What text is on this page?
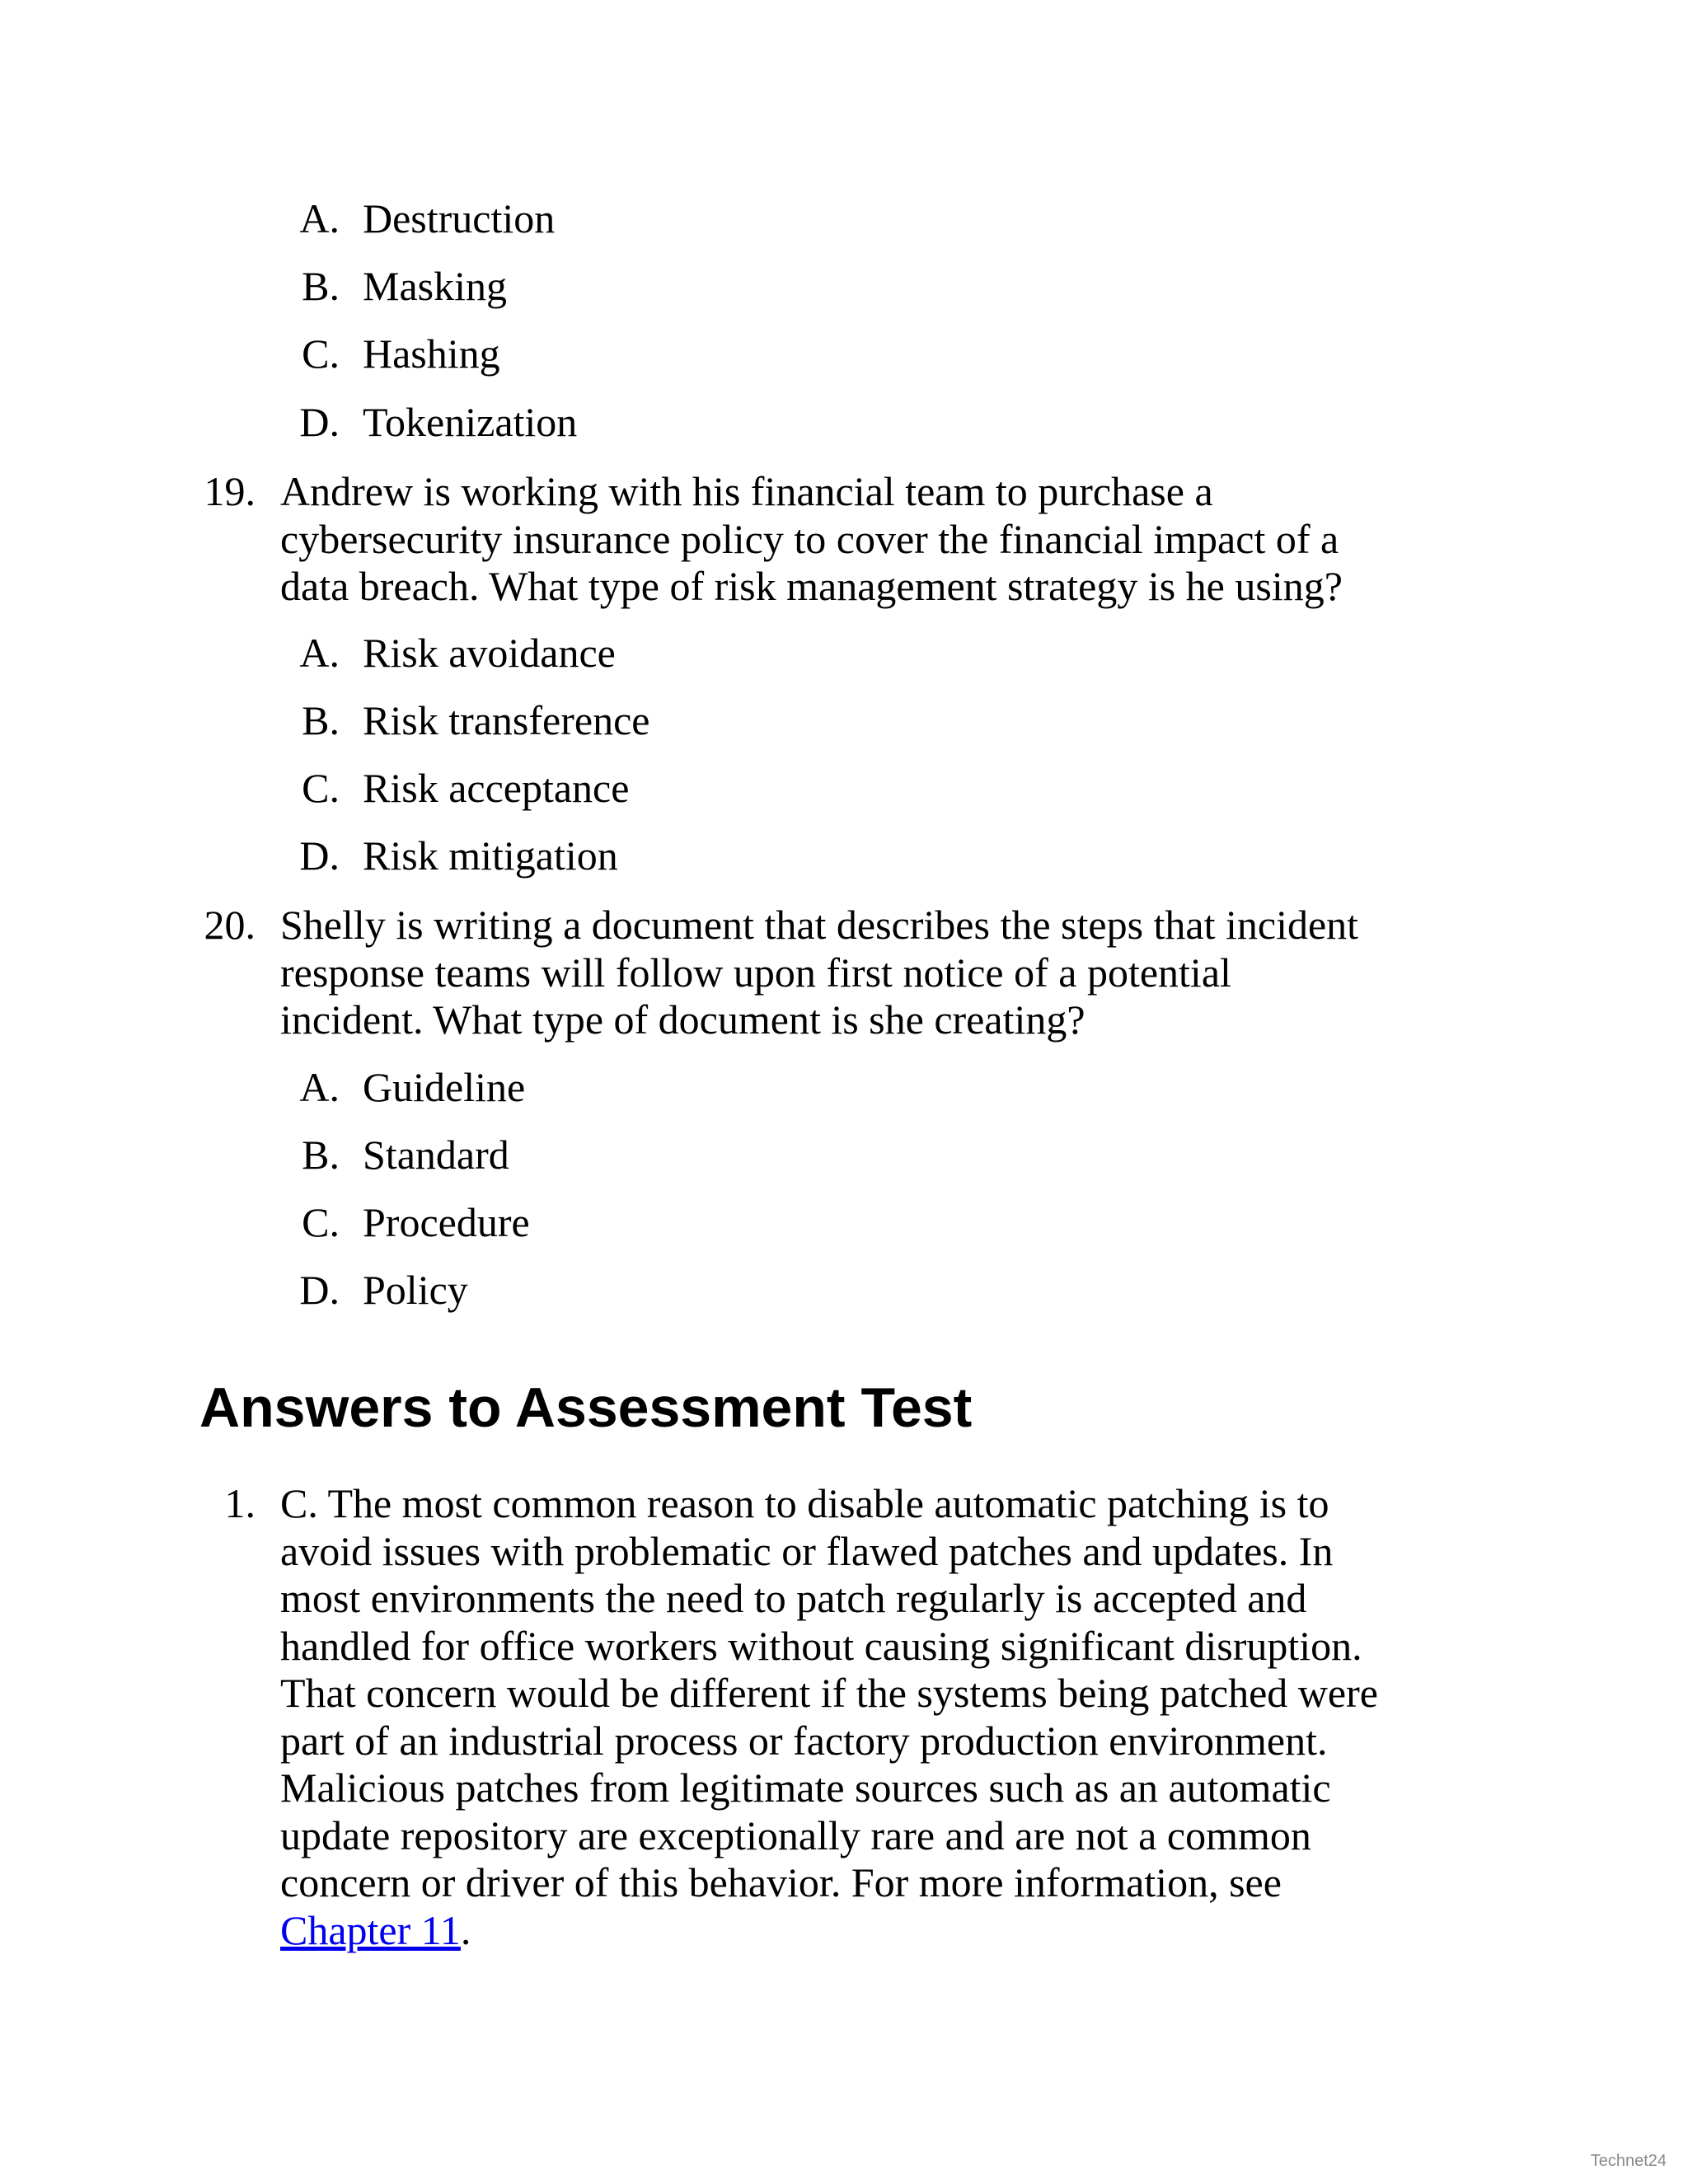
A. Destruction
B. Masking
C. Hashing
D. Tokenization
19. Andrew is working with his financial team to purchase a
cybersecurity insurance policy to cover the financial impact of a
data breach. What type of risk management strategy is he using?
A. Risk avoidance
B. Risk transference
C. Risk acceptance
D. Risk mitigation
20. Shelly is writing a document that describes the steps that incident
response teams will follow upon first notice of a potential
incident. What type of document is she creating?
A. Guideline
B. Standard
C. Procedure
D. Policy
Answers to Assessment Test
1. C. The most common reason to disable automatic patching is to
avoid issues with problematic or flawed patches and updates. In
most environments the need to patch regularly is accepted and
handled for office workers without causing significant disruption.
That concern would be different if the systems being patched were
part of an industrial process or factory production environment.
Malicious patches from legitimate sources such as an automatic
update repository are exceptionally rare and are not a common
concern or driver of this behavior. For more information, see
Chapter 11.
Technet24
